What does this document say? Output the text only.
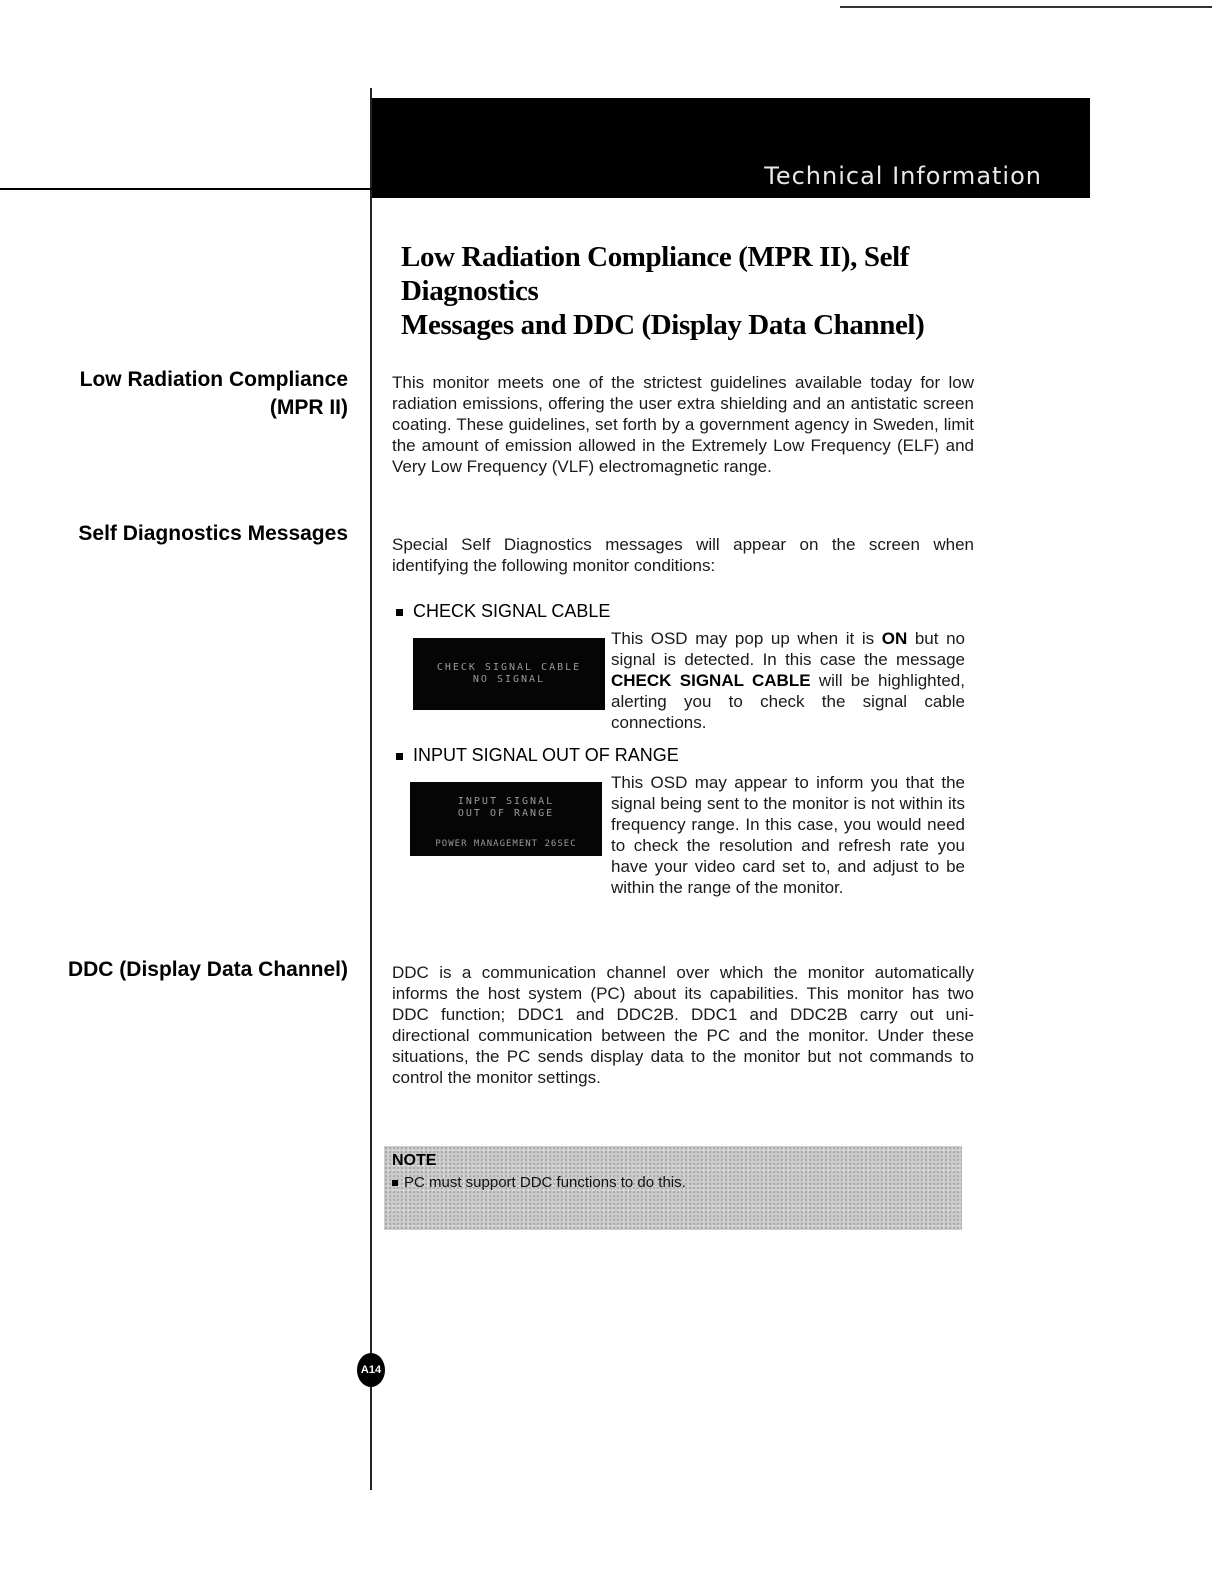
Technical Information
Low Radiation Compliance (MPR II), Self Diagnostics
Messages and DDC (Display Data Channel)
Low Radiation Compliance
(MPR II)

This monitor meets one of the strictest guidelines available today for low radiation emissions, offering the user extra shielding and an antistatic screen coating. These guidelines, set forth by a government agency in Sweden, limit the amount of emission allowed in the Extremely Low Frequency (ELF) and Very Low Frequency (VLF) electromagnetic range.

Self Diagnostics Messages	Special Self Diagnostics messages will appear on the screen when identifying the following monitor conditions:

CHECK SIGNAL CABLE

CHECK SIGNAL CABLE
NO SIGNAL

This OSD may pop up when it is ON but no signal is detected. In this case the message CHECK SIGNAL CABLE will be highlighted, alerting you to check the signal cable connections.

INPUT SIGNAL OUT OF RANGE

INPUT SIGNAL
OUT OF RANGE
POWER MANAGEMENT 26SEC

This OSD may appear to inform you that the signal being sent to the monitor is not within its frequency range. In this case, you would need to check the resolution and refresh rate you have your video card set to, and adjust to be within the range of the monitor.

DDC (Display Data Channel)	DDC is a communication channel over which the monitor automatically informs the host system (PC) about its capabilities. This monitor has two DDC function; DDC1 and DDC2B. DDC1 and DDC2B carry out uni-directional communication between the PC and the monitor. Under these situations, the PC sends display data to the monitor but not commands to control the monitor settings.

NOTE
PC must support DDC functions to do this.
A14
